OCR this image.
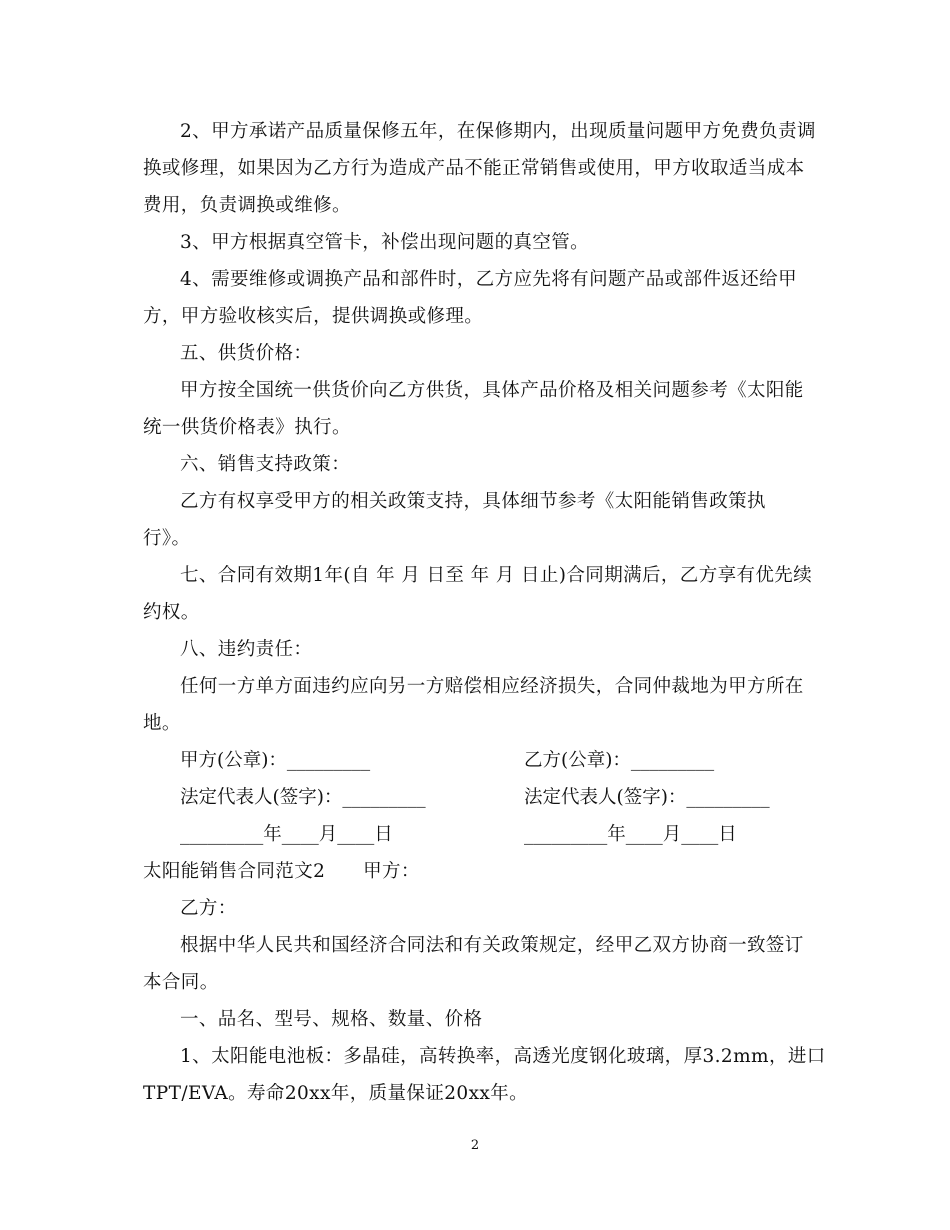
2、甲方承诺产品质量保修五年，在保修期内，出现质量问题甲方免费负责调

换或修理，如果因为乙方行为造成产品不能正常销售或使用，甲方收取适当成本

费用，负责调换或维修。

3、甲方根据真空管卡，补偿出现问题的真空管。

4、需要维修或调换产品和部件时，乙方应先将有问题产品或部件返还给甲

方，甲方验收核实后，提供调换或修理。

五、供货价格：

甲方按全国统一供货价向乙方供货，具体产品价格及相关问题参考《太阳能

统一供货价格表》执行。

六、销售支持政策：

乙方有权享受甲方的相关政策支持，具体细节参考《太阳能销售政策执

行》。

七、合同有效期1年(自 年 月 日至 年 月 日止)合同期满后，乙方享有优先续

约权。

八、违约责任：

任何一方单方面违约应向另一方赔偿相应经济损失，合同仲裁地为甲方所在

地。

甲方(公章)：_________	乙方(公章)：_________

法定代表人(签字)：_________	法定代表人(签字)：_________

_________年____月____日	_________年____月____日

太阳能销售合同范文2　　甲方：

乙方：

根据中华人民共和国经济合同法和有关政策规定，经甲乙双方协商一致签订

本合同。

一、品名、型号、规格、数量、价格

1、太阳能电池板：多晶硅，高转换率，高透光度钢化玻璃，厚3.2mm，进口

TPT/EVA。寿命20xx年，质量保证20xx年。

2
